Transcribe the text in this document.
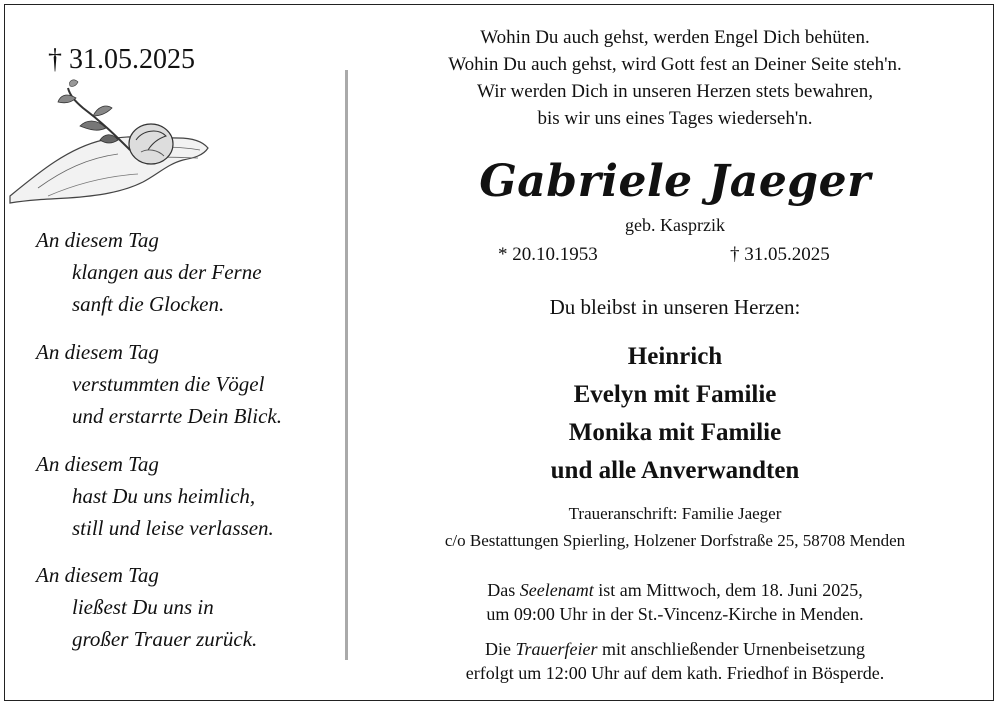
† 31.05.2025
An diesem Tag
klangen aus der Ferne
sanft die Glocken.
An diesem Tag
verstummten die Vögel
und erstarrte Dein Blick.
An diesem Tag
hast Du uns heimlich,
still und leise verlassen.
An diesem Tag
ließest Du uns in
großer Trauer zurück.
Wohin Du auch gehst, werden Engel Dich behüten.
Wohin Du auch gehst, wird Gott fest an Deiner Seite steh'n.
Wir werden Dich in unseren Herzen stets bewahren,
bis wir uns eines Tages wiederseh'n.
Gabriele Jaeger
geb. Kasprzik
* 20.10.1953	† 31.05.2025
Du bleibst in unseren Herzen:
Heinrich
Evelyn mit Familie
Monika mit Familie
und alle Anverwandten
Traueranschrift: Familie Jaeger
c/o Bestattungen Spierling, Holzener Dorfstraße 25, 58708 Menden
Das Seelenamt ist am Mittwoch, dem 18. Juni 2025,
um 09:00 Uhr in der St.-Vincenz-Kirche in Menden.
Die Trauerfeier mit anschließender Urnenbeisetzung
erfolgt um 12:00 Uhr auf dem kath. Friedhof in Bösperde.
